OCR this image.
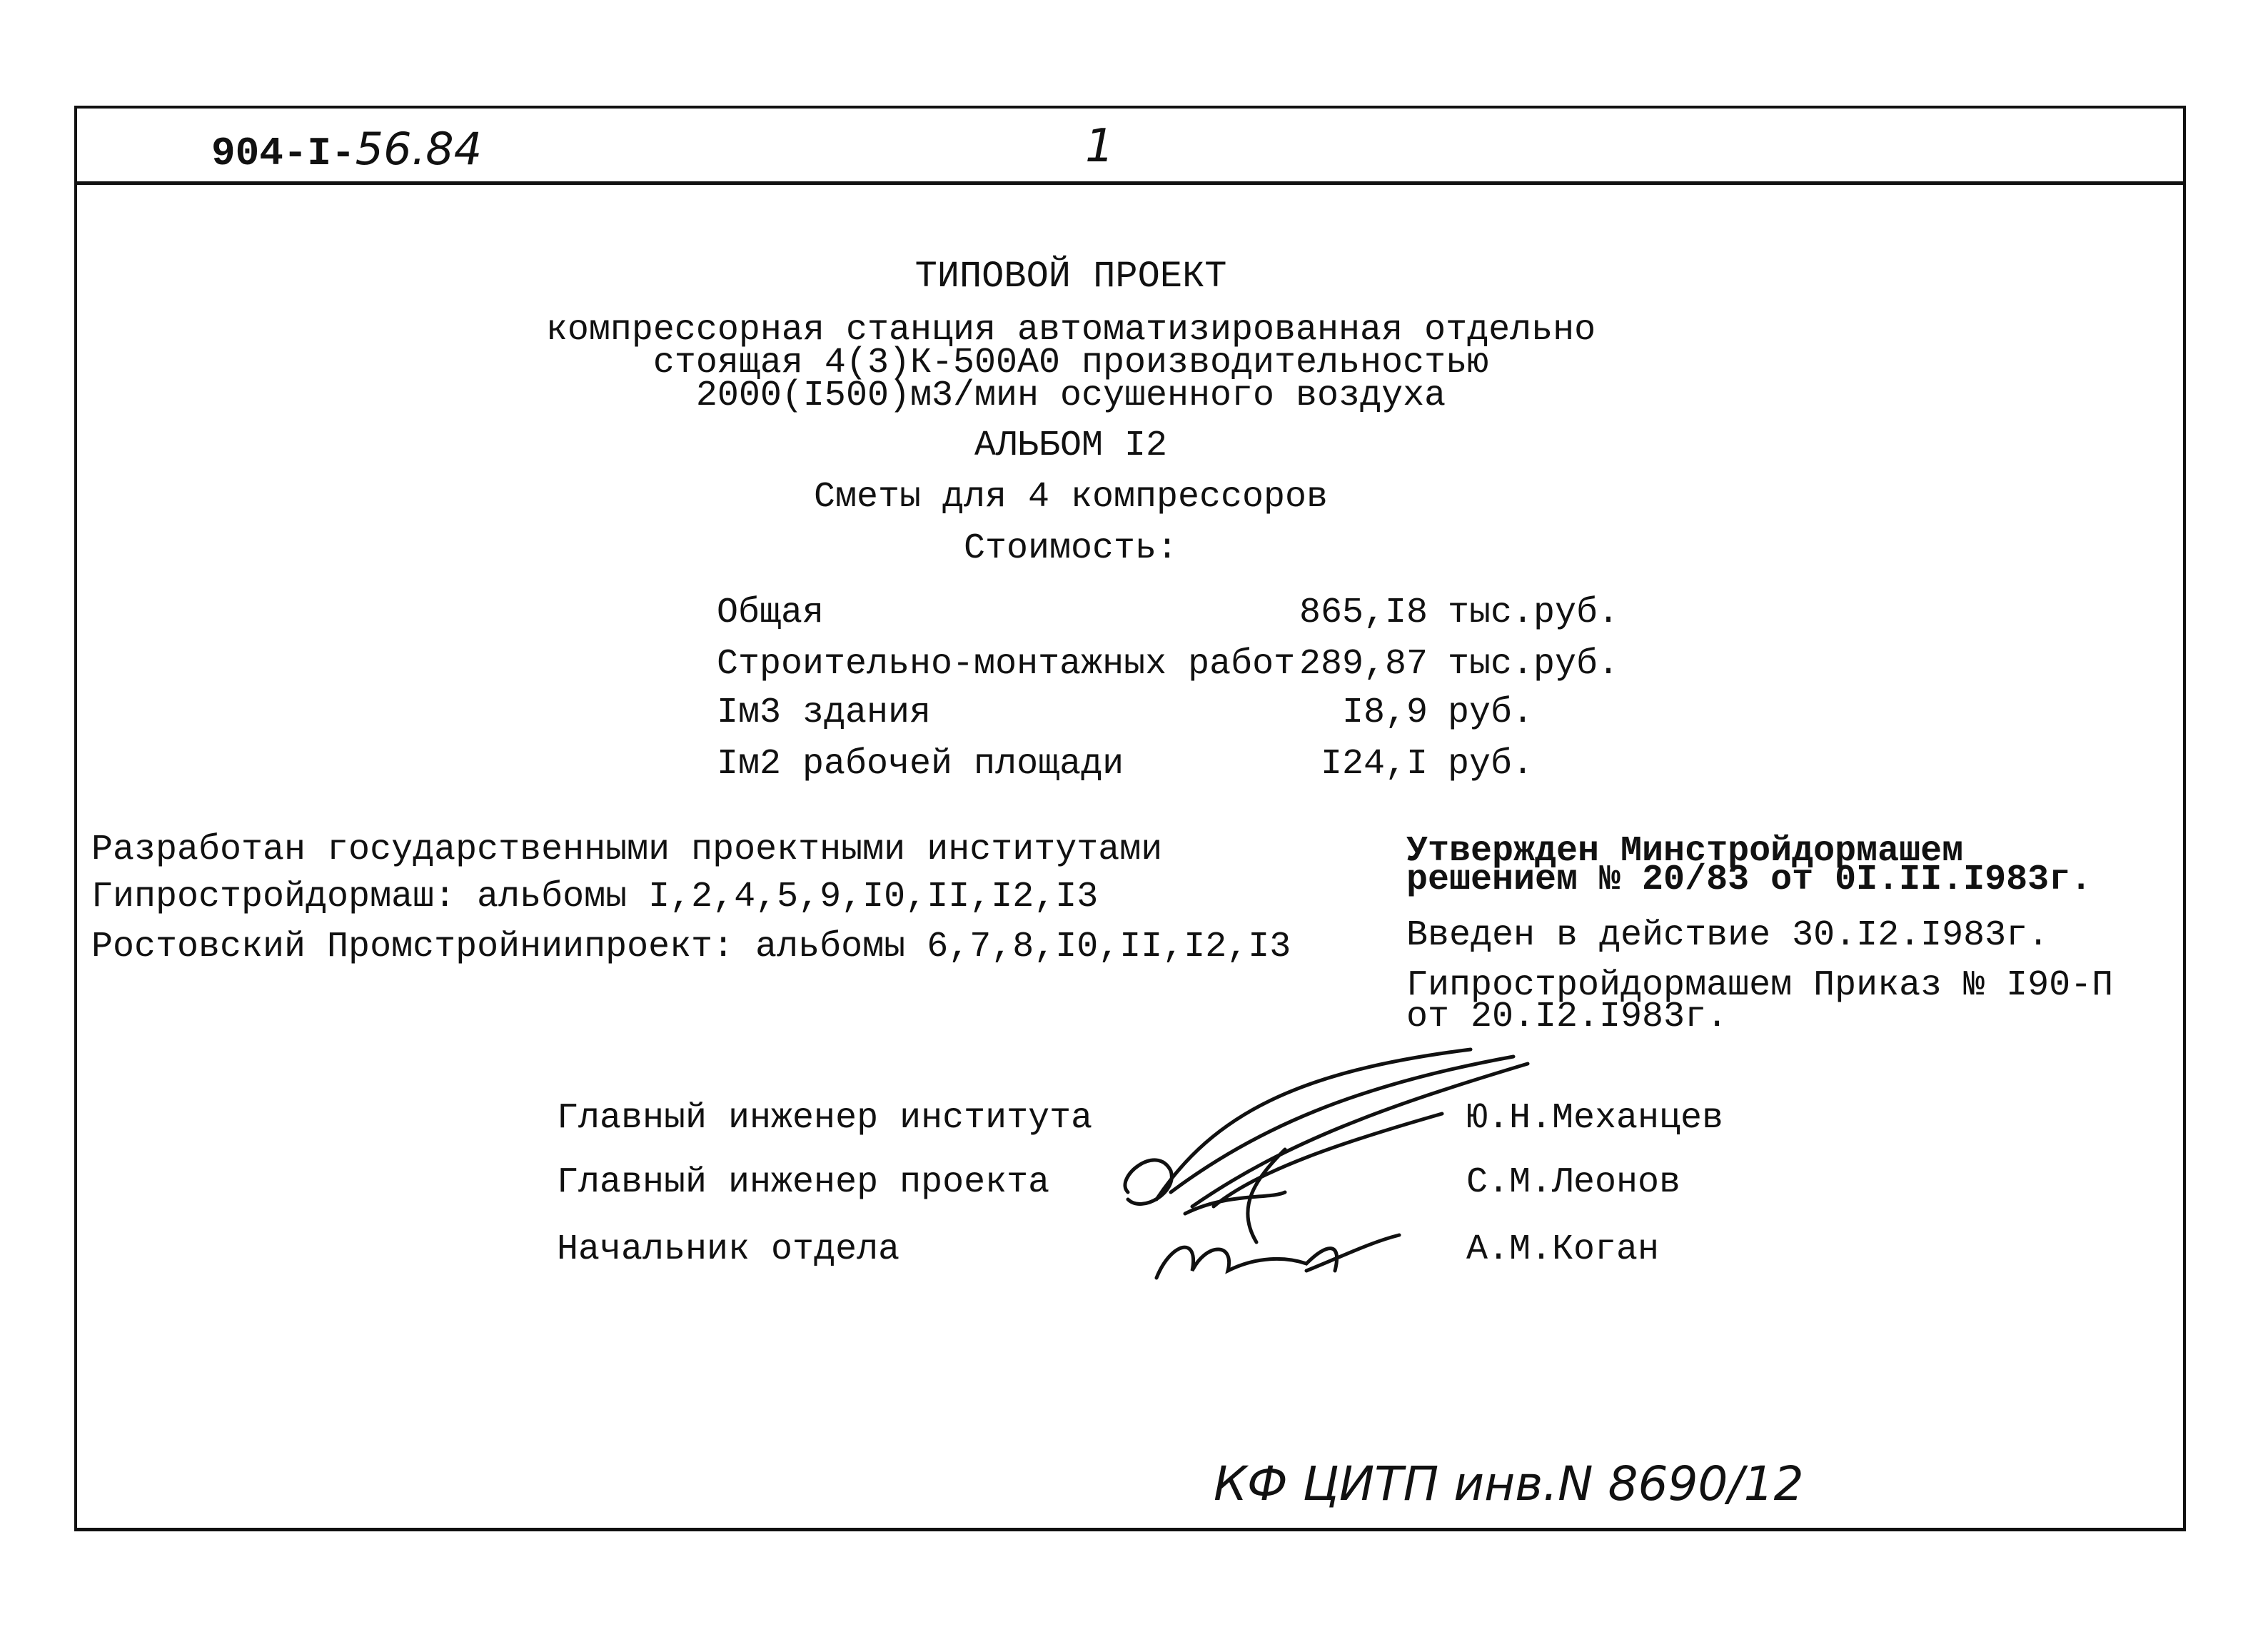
904-I-56.84	1
ТИПОВОЙ ПРОЕКТ
компрессорная станция автоматизированная отдельно
стоящая 4(3)К-500А0 производительностью
2000(I500)м3/мин осушенного воздуха
АЛЬБОМ I2
Сметы для 4 компрессоров
Стоимость:
Общая	865,I8 тыс.руб.
Строительно-монтажных работ 289,87 тыс.руб.
Iм3 здания	I8,9 руб.
Iм2 рабочей площади	I24,I руб.
Разработан государственными проектными институтами
Гипростройдормаш: альбомы I,2,4,5,9,I0,II,I2,I3
Ростовский Промстройниипроект: альбомы 6,7,8,I0,II,I2,I3
Утвержден Минстройдормашем
решением № 20/83 от 0I.II.I983г.
Введен в действие 30.I2.I983г.
Гипростройдормашем Приказ № I90-П
от 20.I2.I983г.
Главный инженер института	Ю.Н.Механцев
Главный инженер проекта	С.М.Леонов
Начальник отдела	А.М.Коган
КФ ЦИТП инв.N 8690/12
